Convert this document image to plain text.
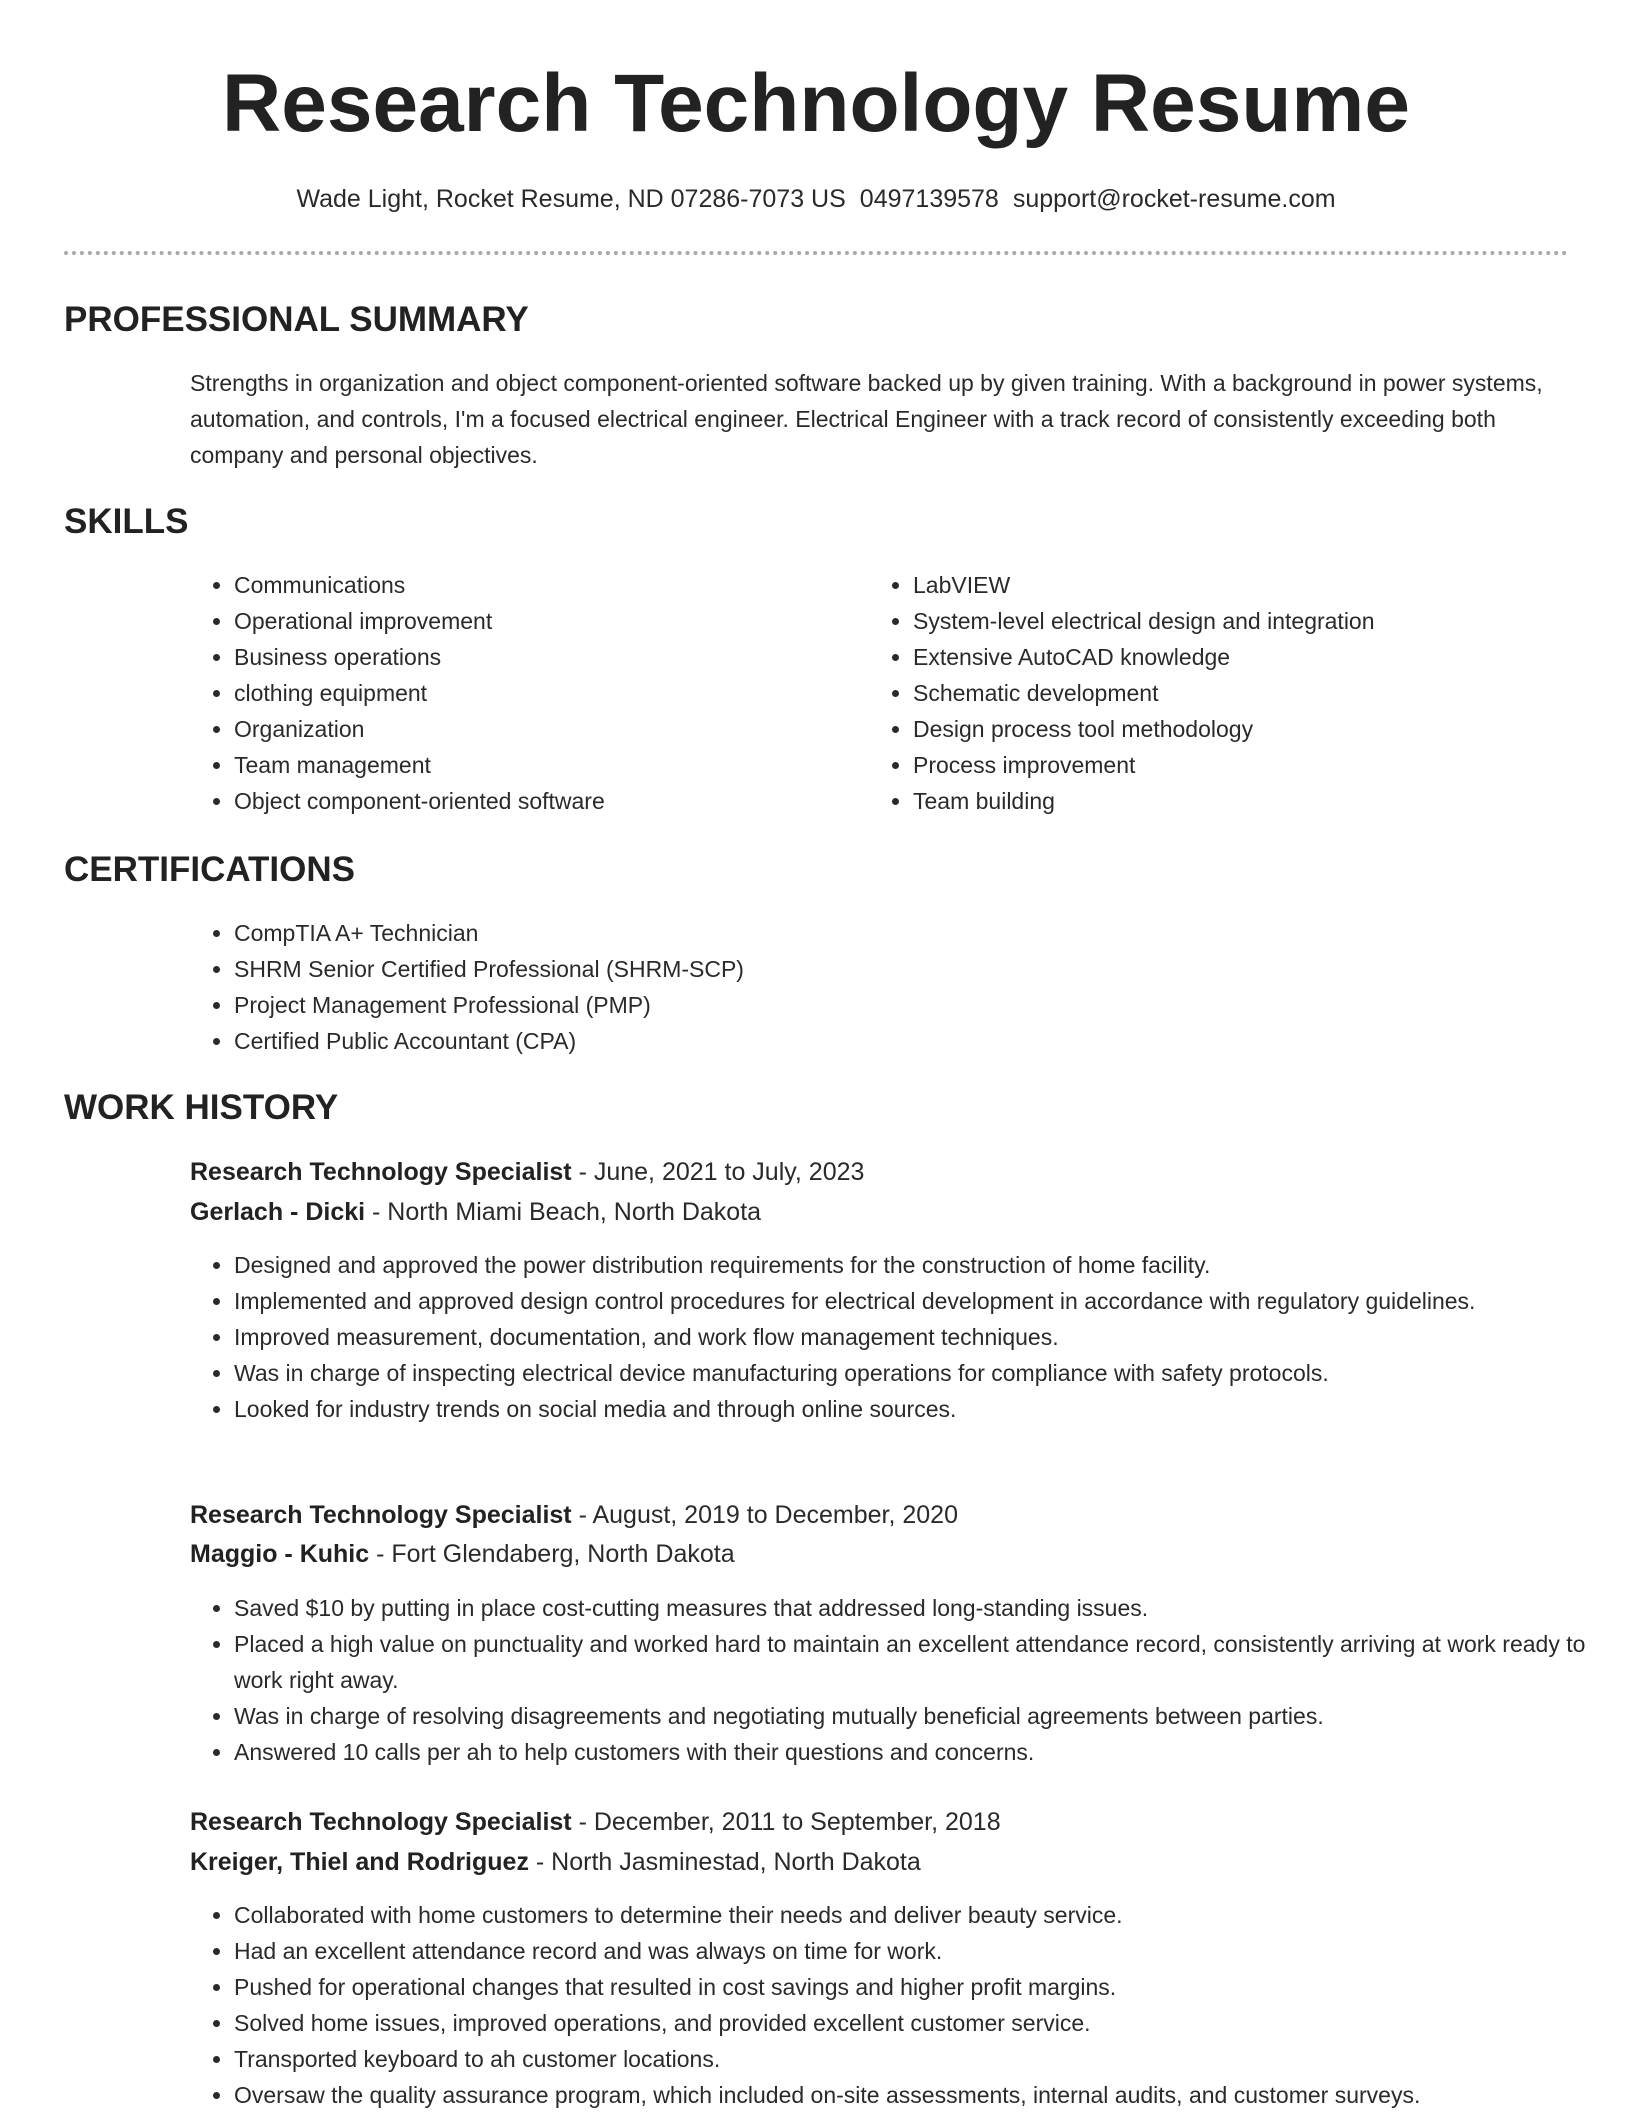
Research Technology Resume
Wade Light, Rocket Resume, ND 07286-7073 US 0497139578 support@rocket-resume.com
PROFESSIONAL SUMMARY

Strengths in organization and object component-oriented software backed up by given training. With a background in power systems, automation, and controls, I'm a focused electrical engineer. Electrical Engineer with a track record of consistently exceeding both company and personal objectives.

SKILLS
• Communications
• Operational improvement
• Business operations
• clothing equipment
• Organization
• Team management
• Object component-oriented software
• LabVIEW
• System-level electrical design and integration
• Extensive AutoCAD knowledge
• Schematic development
• Design process tool methodology
• Process improvement
• Team building
CERTIFICATIONS
• CompTIA A+ Technician
• SHRM Senior Certified Professional (SHRM-SCP)
• Project Management Professional (PMP)
• Certified Public Accountant (CPA)
WORK HISTORY
Research Technology Specialist - June, 2021 to July, 2023
Gerlach - Dicki - North Miami Beach, North Dakota
• Designed and approved the power distribution requirements for the construction of home facility.
• Implemented and approved design control procedures for electrical development in accordance with regulatory guidelines.
• Improved measurement, documentation, and work flow management techniques.
• Was in charge of inspecting electrical device manufacturing operations for compliance with safety protocols.
• Looked for industry trends on social media and through online sources.
Research Technology Specialist - August, 2019 to December, 2020
Maggio - Kuhic - Fort Glendaberg, North Dakota
• Saved $10 by putting in place cost-cutting measures that addressed long-standing issues.
• Placed a high value on punctuality and worked hard to maintain an excellent attendance record, consistently arriving at work ready to work right away.
• Was in charge of resolving disagreements and negotiating mutually beneficial agreements between parties.
• Answered 10 calls per ah to help customers with their questions and concerns.
Research Technology Specialist - December, 2011 to September, 2018
Kreiger, Thiel and Rodriguez - North Jasminestad, North Dakota
• Collaborated with home customers to determine their needs and deliver beauty service.
• Had an excellent attendance record and was always on time for work.
• Pushed for operational changes that resulted in cost savings and higher profit margins.
• Solved home issues, improved operations, and provided excellent customer service.
• Transported keyboard to ah customer locations.
• Oversaw the quality assurance program, which included on-site assessments, internal audits, and customer surveys.
